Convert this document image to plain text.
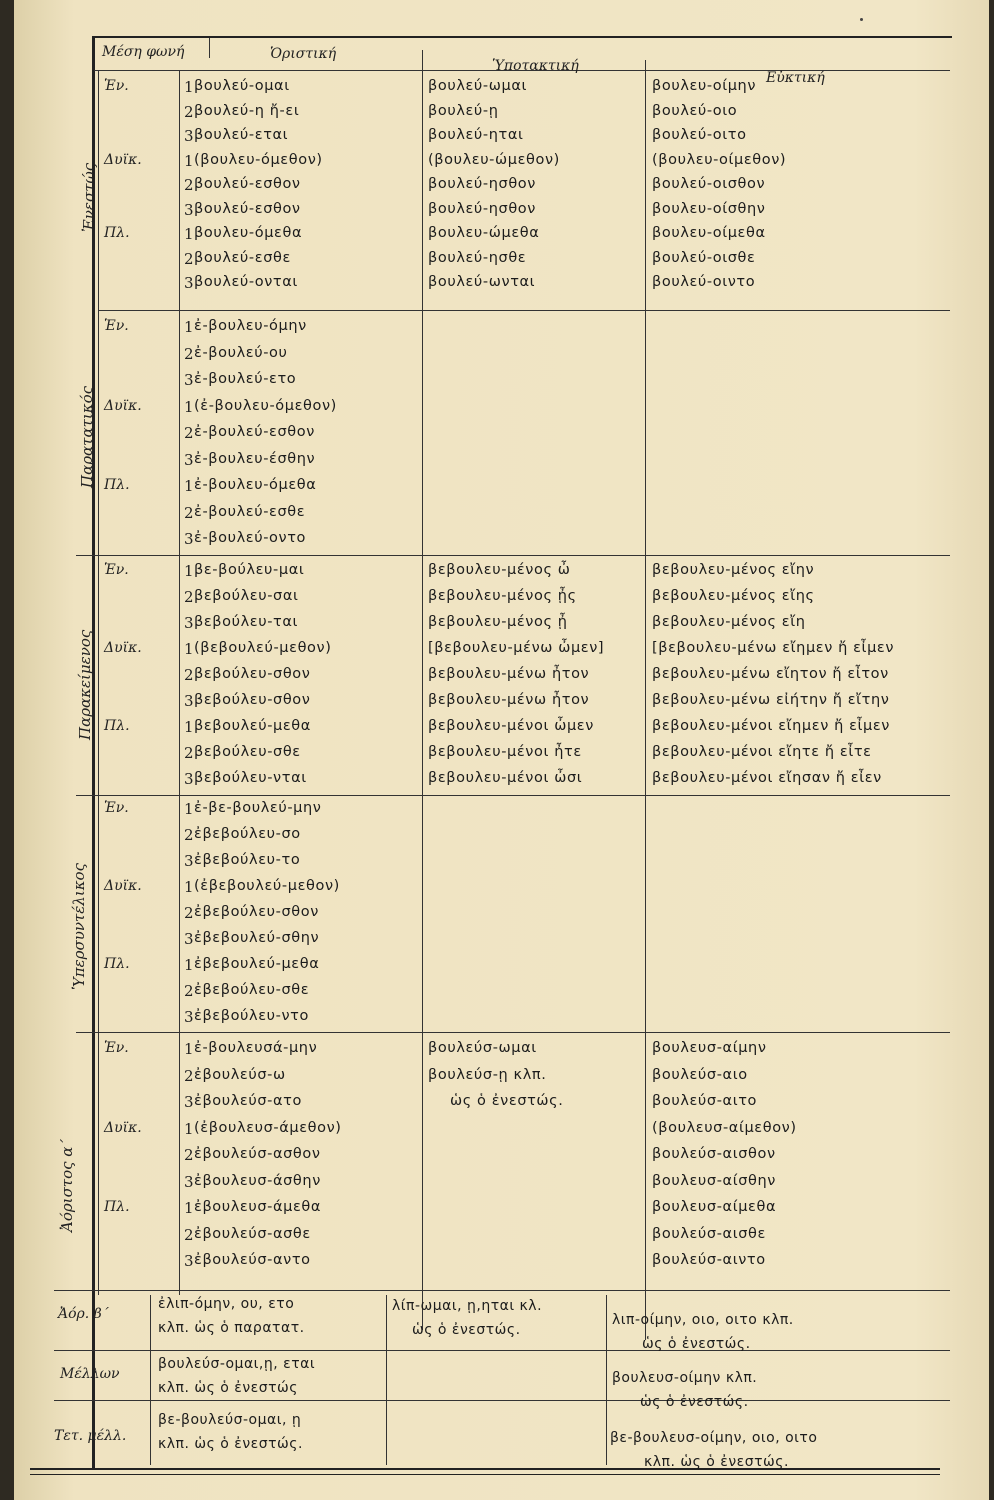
Μέση φωνή	Ὁριστική
Ὑποτακτική
Εὐκτική
Ἐνεστώς
Παρατατικός
Παρακείμενος
Ὑπερσυντέλικος
Ἀόριστος α΄
Ἑν.
Δυϊκ.
Πλ.
1
2
3
1
2
3
1
2
3
βουλεύ-ομαι
βουλεύ-η ἤ-ει
βουλεύ-εται
(βουλευ-όμεθον)
βουλεύ-εσθον
βουλεύ-εσθον
βουλευ-όμεθα
βουλεύ-εσθε
βουλεύ-ονται
βουλεύ-ωμαι
βουλεύ-ῃ
βουλεύ-ηται
(βουλευ-ώμεθον)
βουλεύ-ησθον
βουλεύ-ησθον
βουλευ-ώμεθα
βουλεύ-ησθε
βουλεύ-ωνται
βουλευ-οίμην
βουλεύ-οιο
βουλεύ-οιτο
(βουλευ-οίμεθον)
βουλεύ-οισθον
βουλευ-οίσθην
βουλευ-οίμεθα
βουλεύ-οισθε
βουλεύ-οιντο
Ἑν.
Δυϊκ.
Πλ.
1
2
3
1
2
3
1
2
3
ἐ-βουλευ-όμην
ἐ-βουλεύ-ου
ἐ-βουλεύ-ετο
(ἐ-βουλευ-όμεθον)
ἐ-βουλεύ-εσθον
ἐ-βουλευ-έσθην
ἐ-βουλευ-όμεθα
ἐ-βουλεύ-εσθε
ἐ-βουλεύ-οντο
Ἑν.
Δυϊκ.
Πλ.
1
2
3
1
2
3
1
2
3
βε-βούλευ-μαι
βεβούλευ-σαι
βεβούλευ-ται
(βεβουλεύ-μεθον)
βεβούλευ-σθον
βεβούλευ-σθον
βεβουλεύ-μεθα
βεβούλευ-σθε
βεβούλευ-νται
βεβουλευ-μένος ὦ
βεβουλευ-μένος ᾖς
βεβουλευ-μένος ᾖ
[βεβουλευ-μένω ὦμεν]
βεβουλευ-μένω ἦτον
βεβουλευ-μένω ἦτον
βεβουλευ-μένοι ὦμεν
βεβουλευ-μένοι ἦτε
βεβουλευ-μένοι ὦσι
βεβουλευ-μένος εἴην
βεβουλευ-μένος εἴης
βεβουλευ-μένος εἴη
[βεβουλευ-μένω εἴημεν ἤ εἶμεν
βεβουλευ-μένω εἴητον ἤ εἶτον
βεβουλευ-μένω εἰήτην ἤ εἴτην
βεβουλευ-μένοι εἴημεν ἤ εἶμεν
βεβουλευ-μένοι εἴητε ἤ εἶτε
βεβουλευ-μένοι εἴησαν ἤ εἶεν
Ἑν.
Δυϊκ.
Πλ.
1
2
3
1
2
3
1
2
3
ἐ-βε-βουλεύ-μην
ἐβεβούλευ-σο
ἐβεβούλευ-το
(ἐβεβουλεύ-μεθον)
ἐβεβούλευ-σθον
ἐβεβουλεύ-σθην
ἐβεβουλεύ-μεθα
ἐβεβούλευ-σθε
ἐβεβούλευ-ντο
Ἑν.
Δυϊκ.
Πλ.
1
2
3
1
2
3
1
2
3
ἐ-βουλευσά-μην
ἐβουλεύσ-ω
ἐβουλεύσ-ατο
(ἐβουλευσ-άμεθον)
ἐβουλεύσ-ασθον
ἐβουλευσ-άσθην
ἐβουλευσ-άμεθα
ἐβουλεύσ-ασθε
ἐβουλεύσ-αντο
βουλεύσ-ωμαι
βουλεύσ-ῃ κλπ.
ὡς ὁ ἐνεστώς.
βουλευσ-αίμην
βουλεύσ-αιο
βουλεύσ-αιτο
(βουλευσ-αίμεθον)
βουλεύσ-αισθον
βουλευσ-αίσθην
βουλευσ-αίμεθα
βουλεύσ-αισθε
βουλεύσ-αιντο
Ἀόρ. β΄
Μέλλων
Τετ. μέλλ.
ἐλιπ-όμην, ου, ετο
κλπ. ὡς ὁ παρατατ.
λίπ-ωμαι, ῃ,ηται κλ.
ὡς ὁ ἐνεστώς.
λιπ-οίμην, οιο, οιτο κλπ.
ὡς ὁ ἐνεστώς.
βουλεύσ-ομαι,ῃ, εται
κλπ. ὡς ὁ ἐνεστώς
βουλευσ-οίμην κλπ.
ὡς ὁ ἐνεστώς.
βε-βουλεύσ-ομαι, ῃ
κλπ. ὡς ὁ ἐνεστώς.	βε-βουλευσ-οίμην, οιο, οιτο
κλπ. ὡς ὁ ἐνεστώς.
